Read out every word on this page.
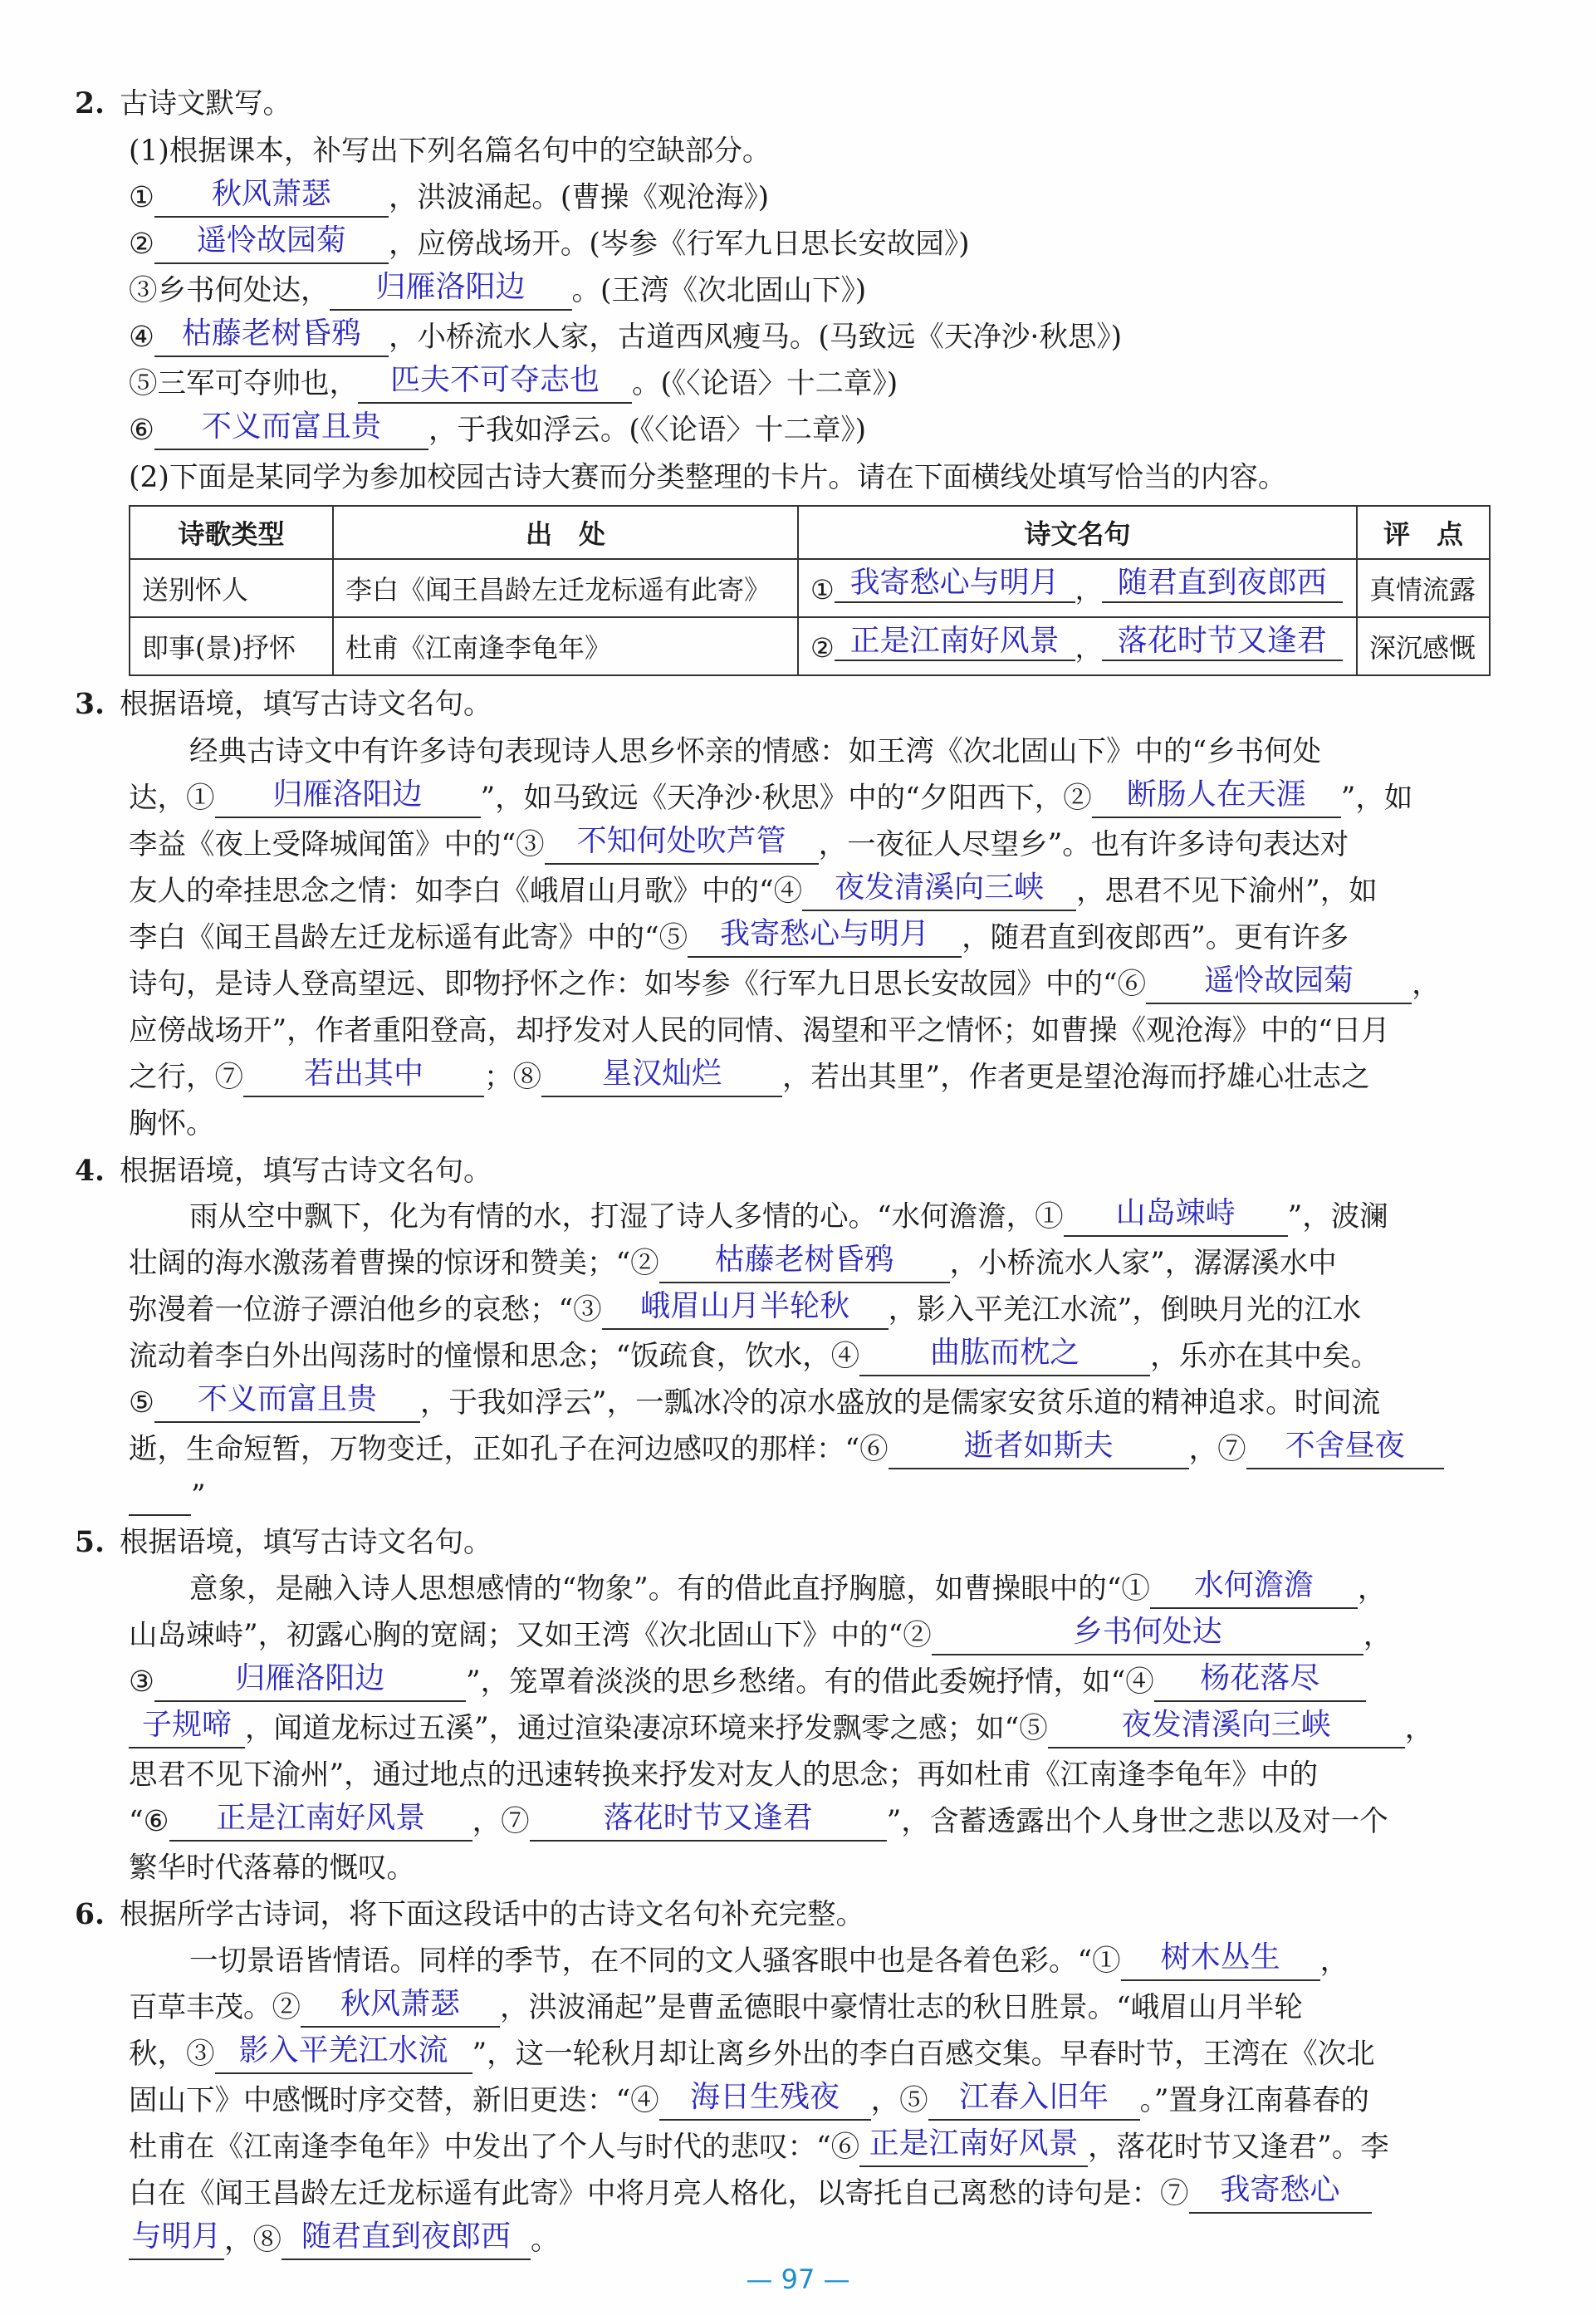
2. 古诗文默写。
(1)根据课本，补写出下列名篇名句中的空缺部分。
①	秋风萧瑟	，洪波涌起。(曹操《观沧海》)
②	遥怜故园菊	，应傍战场开。(岑参《行军九日思长安故园》)
③乡书何处达，	归雁洛阳边	。(王湾《次北固山下》)
④ 枯藤老树昏鸦 ，小桥流水人家，古道西风瘦马。(马致远《天净沙·秋思》)
⑤三军可夺帅也，	匹夫不可夺志也	。(《〈论语〉十二章》)
⑥	不义而富且贵	，于我如浮云。(《〈论语〉十二章》)
(2)下面是某同学为参加校园古诗大赛而分类整理的卡片。请在下面横线处填写恰当的内容。
诗歌类型	出　处	诗文名句	评　点
送别怀人	李白《闻王昌龄左迁龙标遥有此寄》	① 我寄愁心与明月 ， 随君直到夜郎西	真情流露
即事(景)抒怀	杜甫《江南逢李龟年》	② 正是江南好风景 ， 落花时节又逢君	深沉感慨
3. 根据语境，填写古诗文名句。
经典古诗文中有许多诗句表现诗人思乡怀亲的情感：如王湾《次北固山下》中的“乡书何处
达，①	归雁洛阳边	”，如马致远《天净沙·秋思》中的“夕阳西下，②	断肠人在天涯	”，如
李益《夜上受降城闻笛》中的“③	不知何处吹芦管	，一夜征人尽望乡”。也有许多诗句表达对
友人的牵挂思念之情：如李白《峨眉山月歌》中的“④	夜发清溪向三峡	，思君不见下渝州”，如
李白《闻王昌龄左迁龙标遥有此寄》中的“⑤	我寄愁心与明月	，随君直到夜郎西”。更有许多
诗句，是诗人登高望远、即物抒怀之作：如岑参《行军九日思长安故园》中的“⑥	遥怜故园菊	，
应傍战场开”，作者重阳登高，却抒发对人民的同情、渴望和平之情怀；如曹操《观沧海》中的“日月
之行，⑦	若出其中	；⑧	星汉灿烂	，若出其里”，作者更是望沧海而抒雄心壮志之
胸怀。
4. 根据语境，填写古诗文名句。
雨从空中飘下，化为有情的水，打湿了诗人多情的心。“水何澹澹，①	山岛竦峙	”，波澜
壮阔的海水激荡着曹操的惊讶和赞美；“②	枯藤老树昏鸦	，小桥流水人家”，潺潺溪水中
弥漫着一位游子漂泊他乡的哀愁；“③	峨眉山月半轮秋	，影入平羌江水流”，倒映月光的江水
流动着李白外出闯荡时的憧憬和思念；“饭疏食，饮水，④	曲肱而枕之	，乐亦在其中矣。
⑤	不义而富且贵	，于我如浮云”，一瓢冰冷的凉水盛放的是儒家安贫乐道的精神追求。时间流
逝，生命短暂，万物变迁，正如孔子在河边感叹的那样：“⑥	逝者如斯夫	，⑦	不舍昼夜
”
5. 根据语境，填写古诗文名句。
意象，是融入诗人思想感情的“物象”。有的借此直抒胸臆，如曹操眼中的“①	水何澹澹	，
山岛竦峙”，初露心胸的宽阔；又如王湾《次北固山下》中的“②	乡书何处达	，
③	归雁洛阳边	”，笼罩着淡淡的思乡愁绪。有的借此委婉抒情，如“④	杨花落尽
子规啼 ，闻道龙标过五溪”，通过渲染凄凉环境来抒发飘零之感；如“⑤	夜发清溪向三峡	，
思君不见下渝州”，通过地点的迅速转换来抒发对友人的思念；再如杜甫《江南逢李龟年》中的
“⑥	正是江南好风景	，⑦	落花时节又逢君	”，含蓄透露出个人身世之悲以及对一个
繁华时代落幕的慨叹。
6. 根据所学古诗词，将下面这段话中的古诗文名句补充完整。
一切景语皆情语。同样的季节，在不同的文人骚客眼中也是各着色彩。“①	树木丛生	，
百草丰茂。②	秋风萧瑟	，洪波涌起”是曹孟德眼中豪情壮志的秋日胜景。“峨眉山月半轮
秋，③ 影入平羌江水流 ”，这一轮秋月却让离乡外出的李白百感交集。早春时节，王湾在《次北
固山下》中感慨时序交替，新旧更迭：“④	海日生残夜	，⑤	江春入旧年	。”置身江南暮春的
杜甫在《江南逢李龟年》中发出了个人与时代的悲叹：“⑥ 正是江南好风景 ，落花时节又逢君”。李
白在《闻王昌龄左迁龙标遥有此寄》中将月亮人格化，以寄托自己离愁的诗句是：⑦	我寄愁心
与明月 ，⑧ 随君直到夜郎西 。
— 97 —
